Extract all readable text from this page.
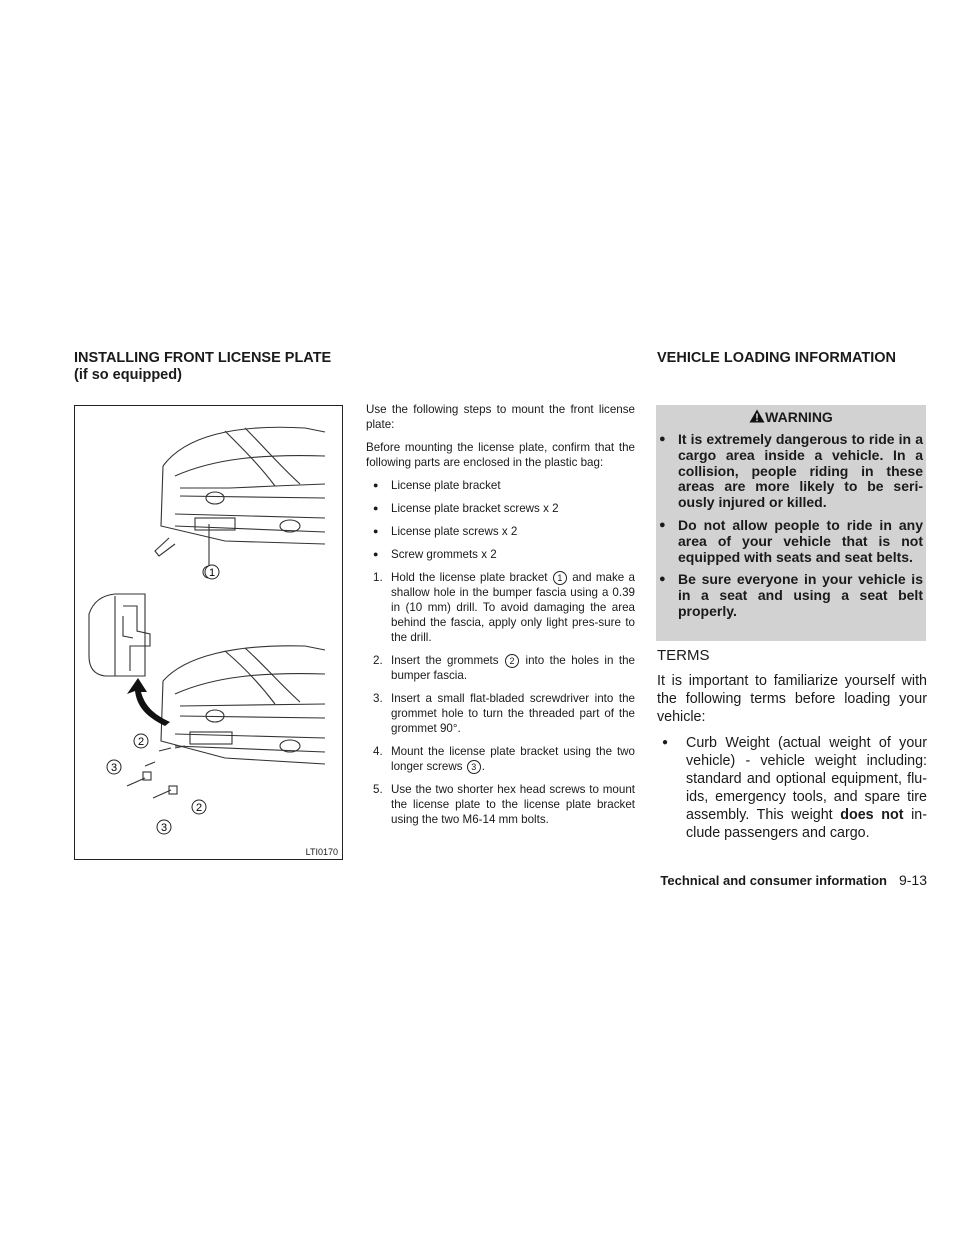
INSTALLING FRONT LICENSE PLATE
(if so equipped)
1
2
3
2
3
LTI0170

Use the following steps to mount the front license plate:

Before mounting the license plate, confirm that the following parts are enclosed in the plastic bag:

● License plate bracket
● License plate bracket screws x 2
● License plate screws x 2
● Screw grommets x 2
1. Hold the license plate bracket 1 and make a shallow hole in the bumper fascia using a 0.39 in (10 mm) drill. To avoid damaging the area behind the fascia, apply only light pres-sure to the drill.
2. Insert the grommets 2 into the holes in the bumper fascia.
3. Insert a small flat-bladed screwdriver into the grommet hole to turn the threaded part of the grommet 90°.
4. Mount the license plate bracket using the two longer screws 3 .
5. Use the two shorter hex head screws to mount the license plate to the license plate bracket using the two M6-14 mm bolts.
VEHICLE LOADING INFORMATION
WARNING
● It is extremely dangerous to ride in a cargo area inside a vehicle. In a collision, people riding in these areas are more likely to be seri-ously injured or killed.
● Do not allow people to ride in any area of your vehicle that is not equipped with seats and seat belts.
● Be sure everyone in your vehicle is in a seat and using a seat belt properly.
TERMS

It is important to familiarize yourself with the following terms before loading your vehicle:

● Curb Weight (actual weight of your vehicle) - vehicle weight including: standard and optional equipment, flu-ids, emergency tools, and spare tire assembly. This weight does not in-clude passengers and cargo.
Technical and consumer information 9-13
